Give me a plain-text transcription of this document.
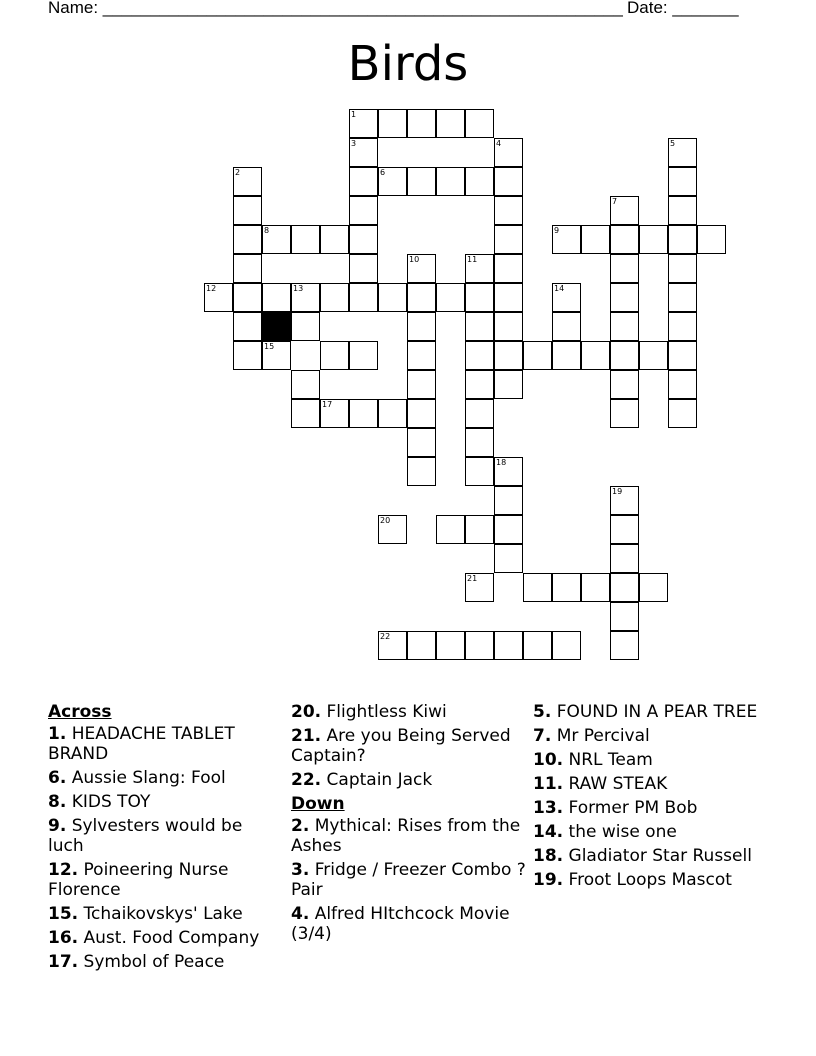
Name: _______________________________________________________ Date: _______
Birds
1
2	6
8
3	4	5
7
9
12	13
10	11
14
15
17
18
19
20
21
22
Across
1. HEADACHE TABLET BRAND
6. Aussie Slang: Fool
8. KIDS TOY
9. Sylvesters would be luch
12. Poineering Nurse Florence
15. Tchaikovskys' Lake
16. Aust. Food Company
17. Symbol of Peace
20. Flightless Kiwi
21. Are you Being Served Captain?
22. Captain Jack
Down
2. Mythical: Rises from the Ashes
3. Fridge / Freezer Combo ? Pair
4. Alfred HItchcock Movie (3/4)
5. FOUND IN A PEAR TREE
7. Mr Percival
10. NRL Team
11. RAW STEAK
13. Former PM Bob
14. the wise one
18. Gladiator Star Russell
19. Froot Loops Mascot
